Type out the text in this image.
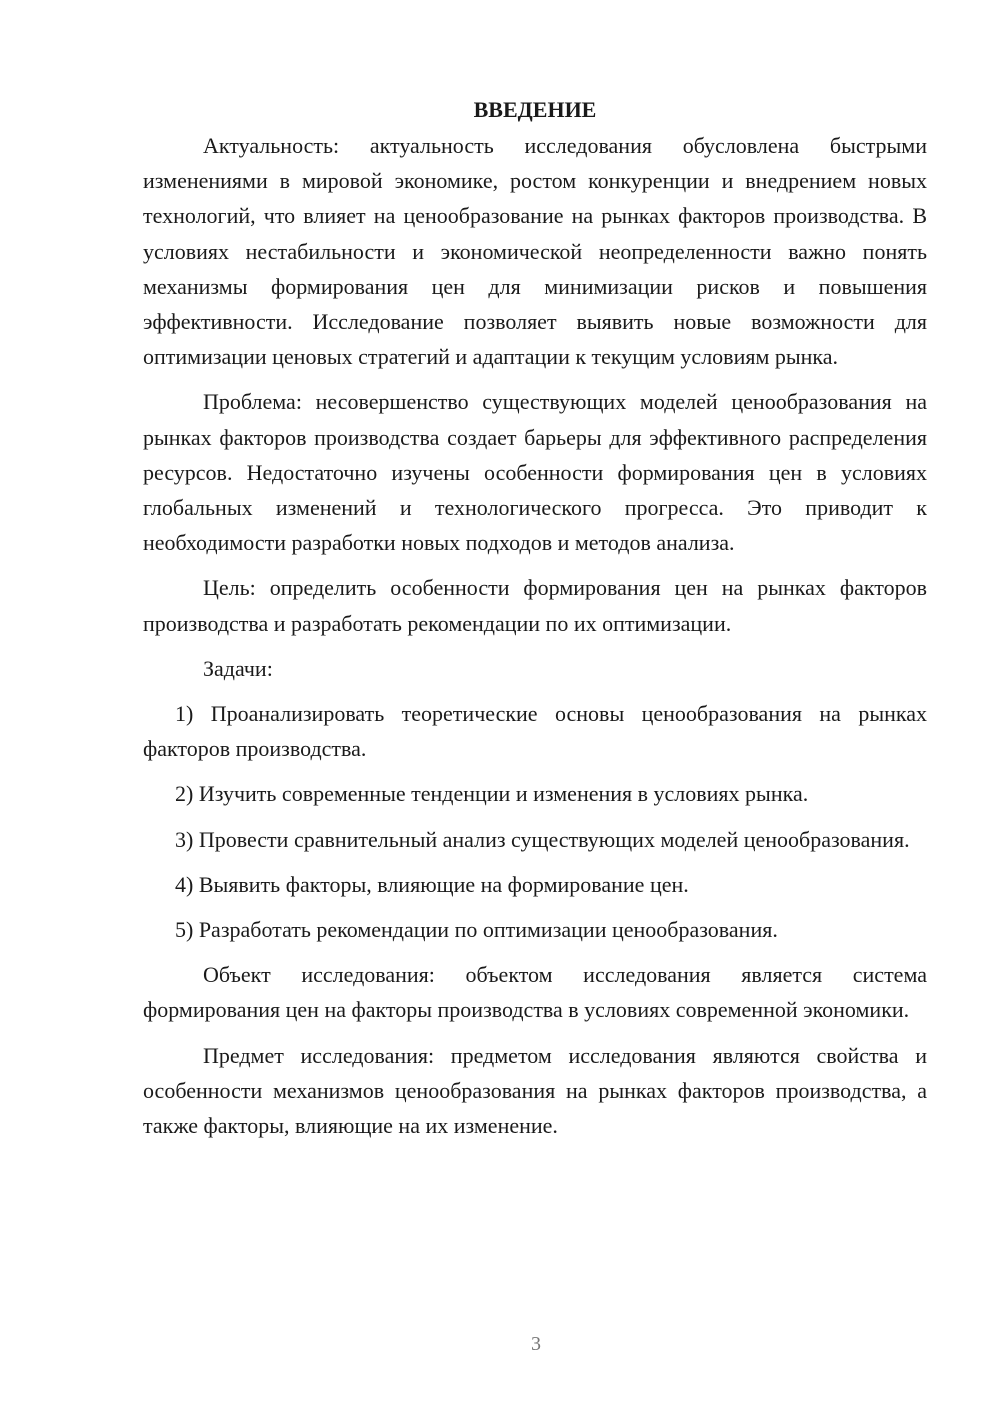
ВВЕДЕНИЕ

Актуальность: актуальность исследования обусловлена быстрыми изменениями в мировой экономике, ростом конкуренции и внедрением новых технологий, что влияет на ценообразование на рынках факторов производства. В условиях нестабильности и экономической неопределенности важно понять механизмы формирования цен для минимизации рисков и повышения эффективности. Исследование позволяет выявить новые возможности для оптимизации ценовых стратегий и адаптации к текущим условиям рынка.

Проблема: несовершенство существующих моделей ценообразования на рынках факторов производства создает барьеры для эффективного распределения ресурсов. Недостаточно изучены особенности формирования цен в условиях глобальных изменений и технологического прогресса. Это приводит к необходимости разработки новых подходов и методов анализа.

Цель: определить особенности формирования цен на рынках факторов производства и разработать рекомендации по их оптимизации.

Задачи:

1) Проанализировать теоретические основы ценообразования на рынках факторов производства.

2) Изучить современные тенденции и изменения в условиях рынка.

3) Провести сравнительный анализ существующих моделей ценообразования.

4) Выявить факторы, влияющие на формирование цен.

5) Разработать рекомендации по оптимизации ценообразования.

Объект исследования: объектом исследования является система формирования цен на факторы производства в условиях современной экономики.

Предмет исследования: предметом исследования являются свойства и особенности механизмов ценообразования на рынках факторов производства, а также факторы, влияющие на их изменение.

3
